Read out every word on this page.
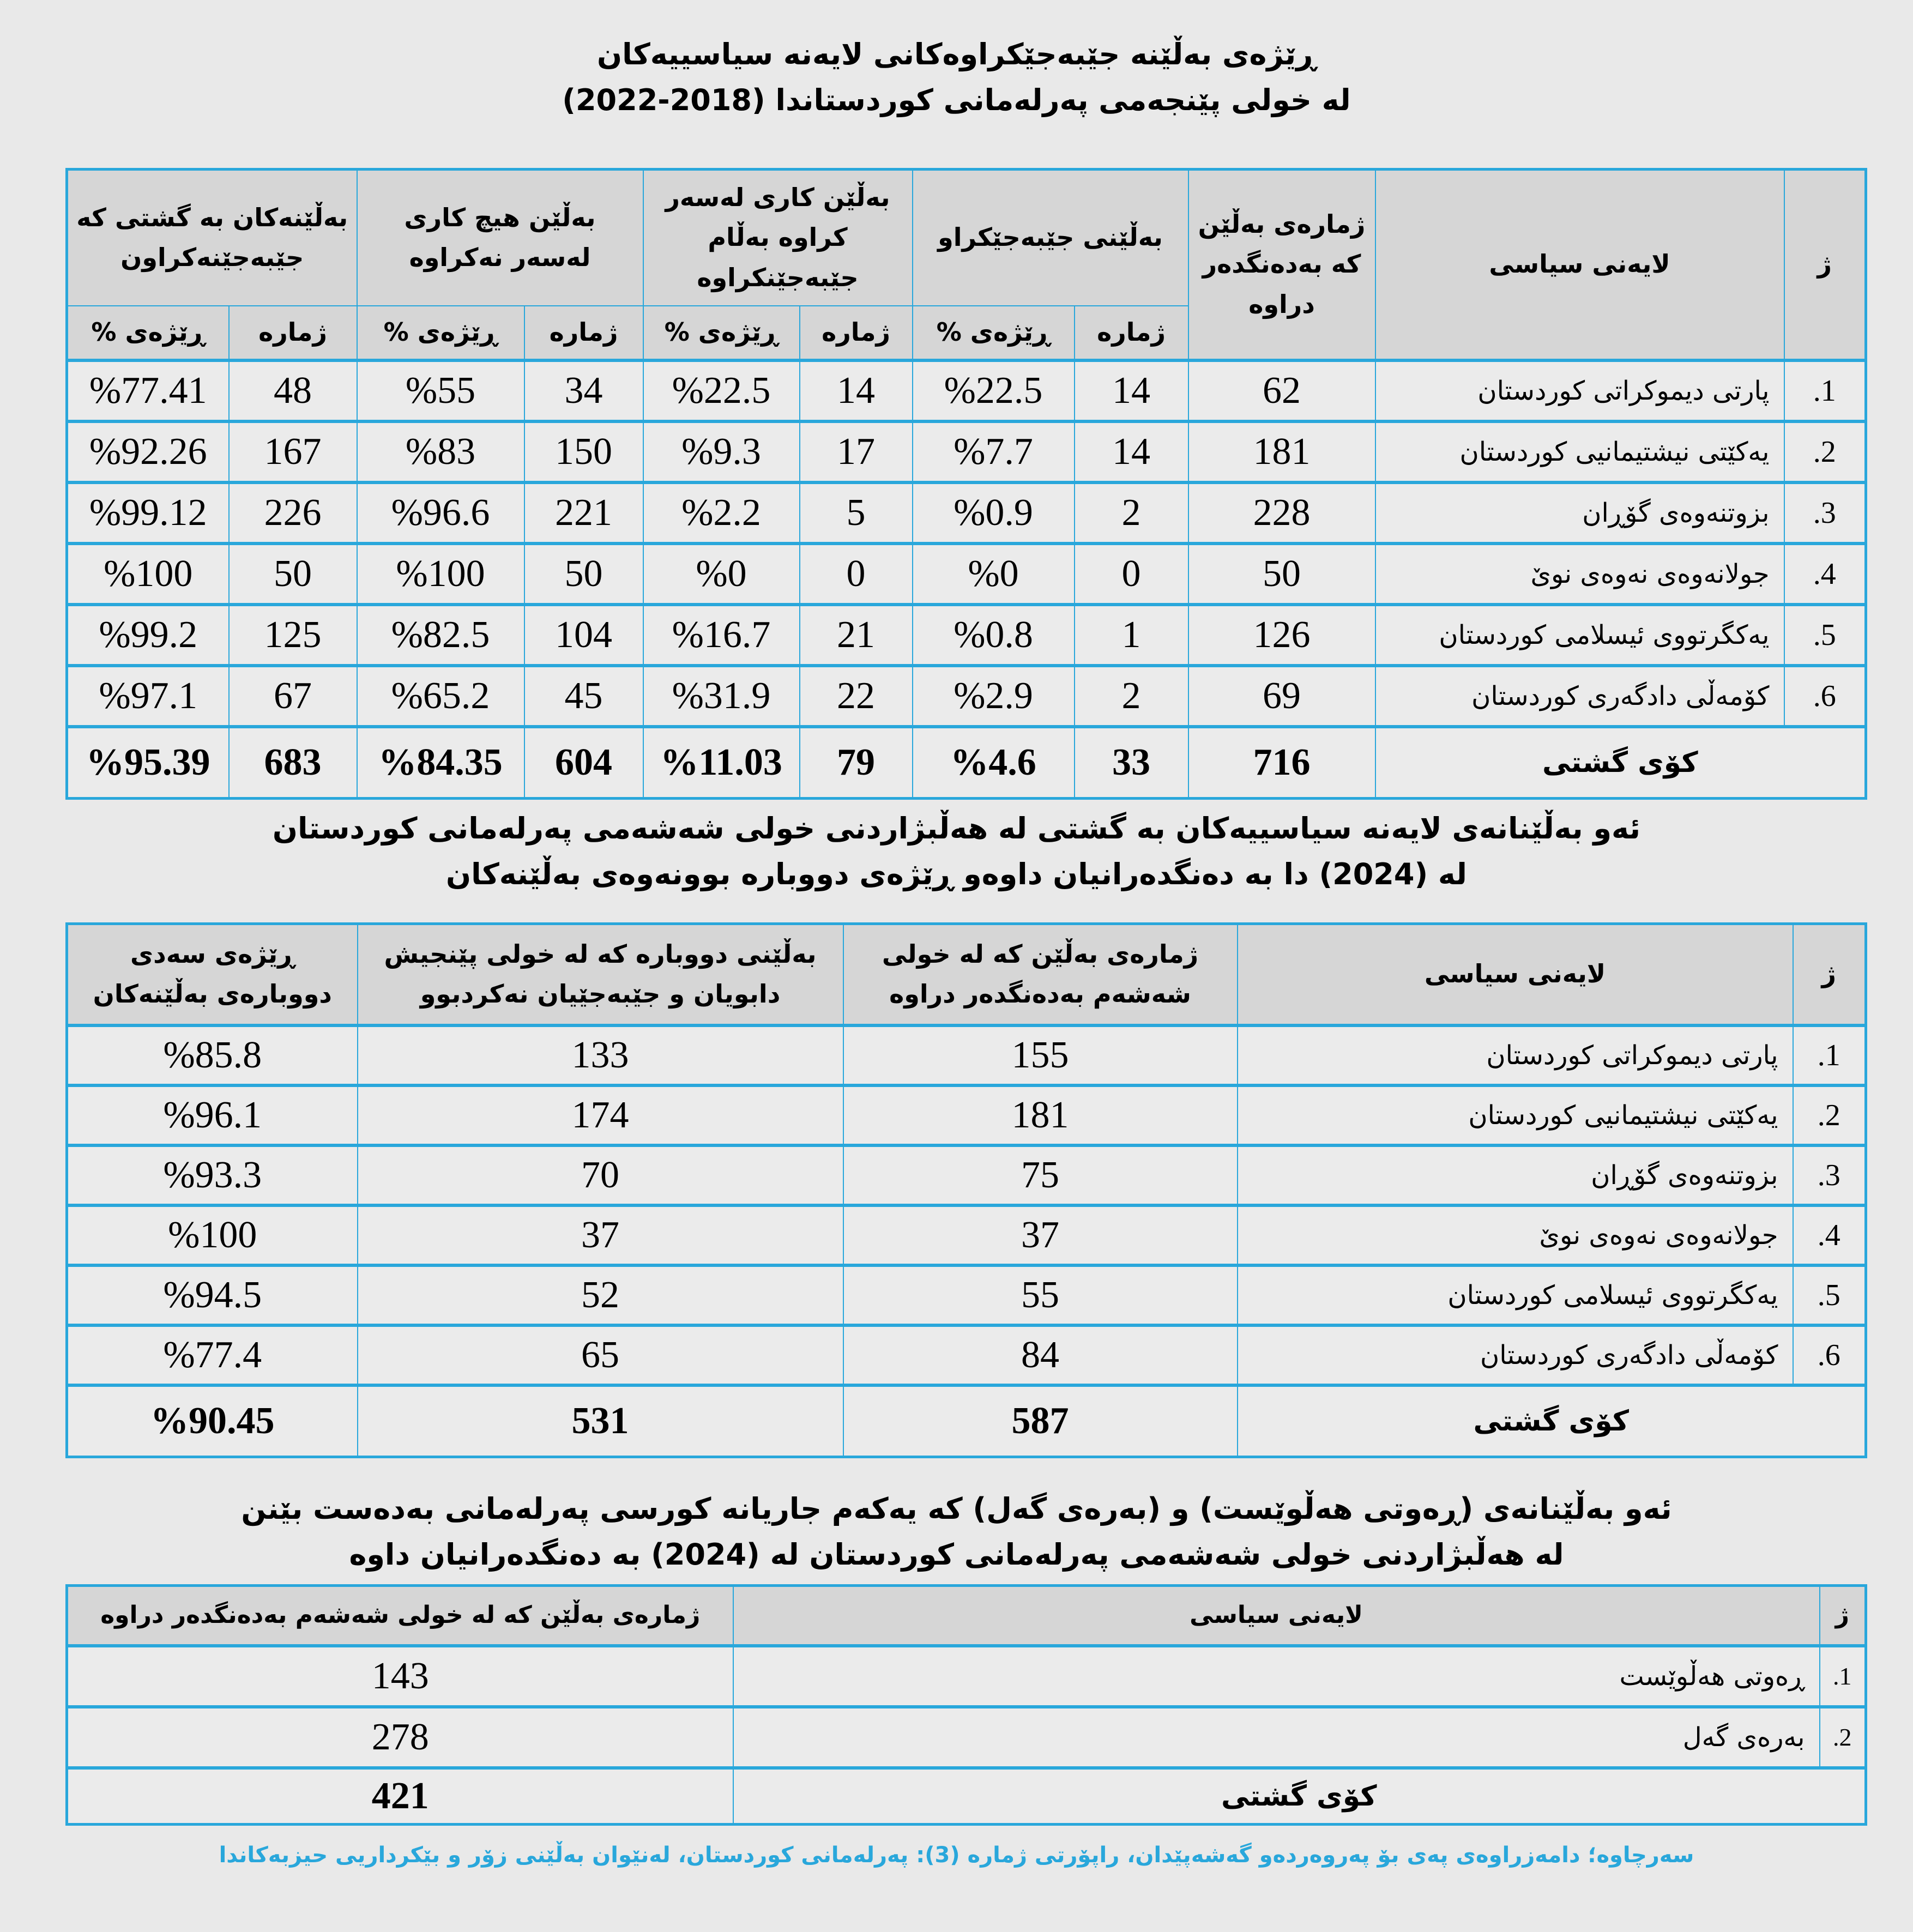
ڕێژەی بەڵێنە جێبەجێکراوەکانی لایەنە سیاسییەکان
لە خولی پێنجەمی پەرلەمانی کوردستاندا (2018-2022)
ژ	لایەنی سیاسی	ژمارەی بەڵێن کە بەدەنگدەر دراوە	بەڵێنی جێبەجێکراو		بەڵێن کاری لەسەر کراوە بەڵام جێبەجێنکراوە		بەڵێن هیچ کاری لەسەر نەکراوە		بەڵێنەکان بە گشتی کە جێبەجێنەکراون	
			ژمارە	ڕێژەی %	ژمارە	ڕێژەی %	ژمارە	ڕێژەی %	ژمارە	ڕێژەی %
1.	پارتی دیموکراتی کوردستان	62	14	%22.5	14	%22.5	34	%55	48	%77.41
2.	یەکێتی نیشتیمانیی کوردستان	181	14	%7.7	17	%9.3	150	%83	167	%92.26
3.	بزوتنەوەی گۆڕان	228	2	%0.9	5	%2.2	221	%96.6	226	%99.12
4.	جولانەوەی نەوەی نوێ	50	0	%0	0	%0	50	%100	50	%100
5.	یەکگرتووی ئیسلامی کوردستان	126	1	%0.8	21	%16.7	104	%82.5	125	%99.2
6.	کۆمەڵی دادگەری کوردستان	69	2	%2.9	22	%31.9	45	%65.2	67	%97.1
کۆی گشتی		716	33	%4.6	79	%11.03	604	%84.35	683	%95.39
ئەو بەڵێنانەی لایەنە سیاسییەکان بە گشتی لە هەڵبژاردنی خولی شەشەمی پەرلەمانی کوردستان
لە (2024) دا بە دەنگدەرانیان داوەو ڕێژەی دووبارە بوونەوەی بەڵێنەکان
ژ	لایەنی سیاسی	ژمارەی بەڵێن کە لە خولی شەشەم بەدەنگدەر دراوە	بەڵێنی دووبارە کە لە خولی پێنجیش دابویان و جێبەجێیان نەکردبوو	ڕێژەی سەدی دووبارەی بەڵێنەکان
1.	پارتی دیموکراتی کوردستان	155	133	%85.8
2.	یەکێتی نیشتیمانیی کوردستان	181	174	%96.1
3.	بزوتنەوەی گۆڕان	75	70	%93.3
4.	جولانەوەی نەوەی نوێ	37	37	%100
5.	یەکگرتووی ئیسلامی کوردستان	55	52	%94.5
6.	کۆمەڵی دادگەری کوردستان	84	65	%77.4
کۆی گشتی		587	531	%90.45
ئەو بەڵێنانەی (ڕەوتی هەڵوێست) و (بەرەی گەل) کە یەکەم جاریانە کورسی پەرلەمانی بەدەست بێنن
لە هەڵبژاردنی خولی شەشەمی پەرلەمانی کوردستان لە (2024) بە دەنگدەرانیان داوە
ژ	لایەنی سیاسی	ژمارەی بەڵێن کە لە خولی شەشەم بەدەنگدەر دراوە
1.	ڕەوتی هەڵوێست	143
2.	بەرەی گەل	278
کۆی گشتی		421
سەرچاوە؛ دامەزراوەی پەی بۆ پەروەردەو گەشەپێدان، راپۆرتی ژماره (3): پەرلەمانی کوردستان، لەنێوان بەڵێنی زۆر و بێکرداریی حیزبەکاندا
